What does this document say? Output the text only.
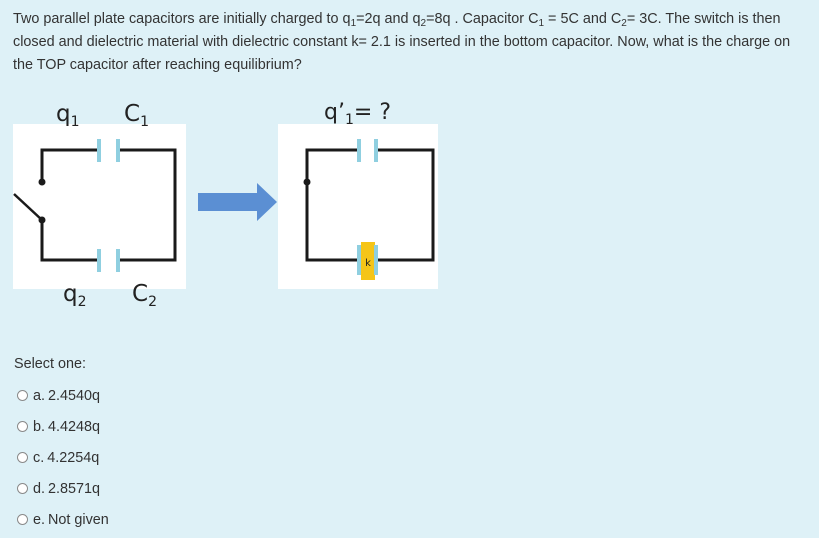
Two parallel plate capacitors are initially charged to $q_1=2q$ and $q_2=8q$ . Capacitor $C_1 = 5C$ and $C_2= 3C$. The switch is then closed and dielectric material with dielectric constant k= 2.1 is inserted in the bottom capacitor. Now, what is the charge on the TOP capacitor after reaching equilibrium?
$q_1$ $C_1$
$q_2$ $C_2$
k
$q’_1=$ ?
Select one:
a. 2.4540q
b. 4.4248q
c. 4.2254q
d. 2.8571q
e. Not given
